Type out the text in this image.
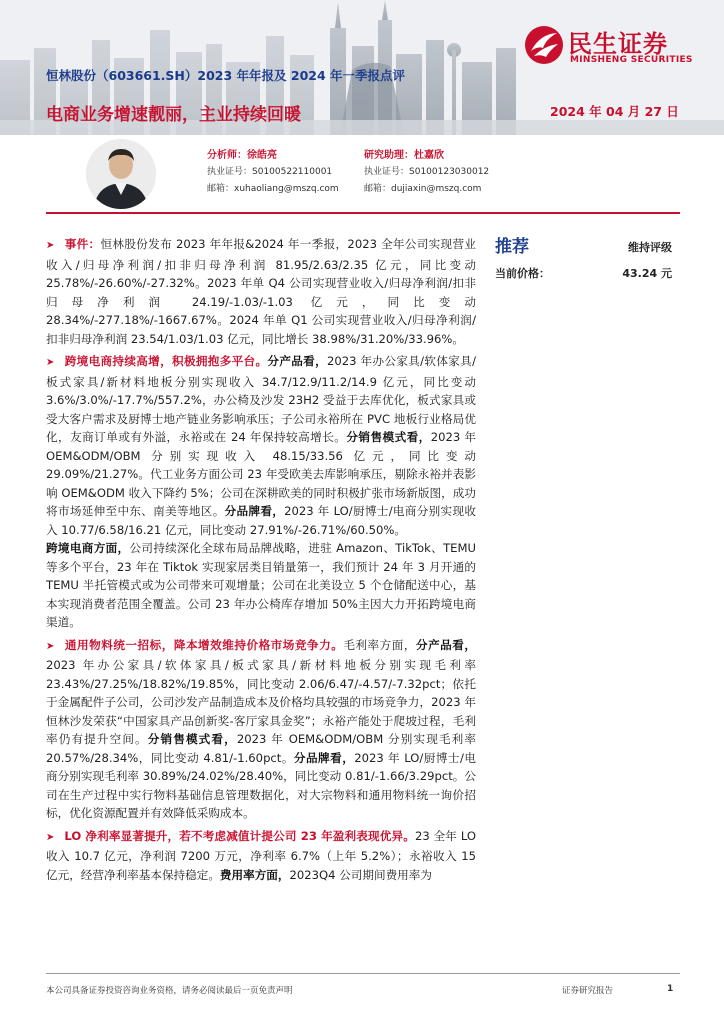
民生证券
MINSHENG SECURITIES
恒林股份（603661.SH）2023 年年报及 2024 年一季报点评
电商业务增速靓丽，主业持续回暖	2024 年 04 月 27 日
分析师：徐皓亮
执业证号：S0100522110001
邮箱：xuhaoliang@mszq.com
研究助理：杜嘉欣
执业证号：S0100123030012
邮箱：dujiaxin@mszq.com

➤ 事件：恒林股份发布 2023 年年报&2024 年一季报，2023 全年公司实现营业收入/归母净利润/扣非归母净利润 81.95/2.63/2.35 亿元，同比变动 25.78%/-26.60%/-27.32%。2023 年单 Q4 公司实现营业收入/归母净利润/扣非归母净利润 24.19/-1.03/-1.03 亿元，同比变动 28.34%/-277.18%/-1667.67%。2024 年单 Q1 公司实现营业收入/归母净利润/扣非归母净利润 23.54/1.03/1.03 亿元，同比增长 38.98%/31.20%/33.96%。

➤ 跨境电商持续高增，积极拥抱多平台。分产品看，2023 年办公家具/软体家具/板式家具/新材料地板分别实现收入 34.7/12.9/11.2/14.9 亿元，同比变动 3.6%/3.0%/-17.7%/557.2%，办公椅及沙发 23H2 受益于去库优化，板式家具或受大客户需求及厨博士地产链业务影响承压；子公司永裕所在 PVC 地板行业格局优化，友商订单或有外溢，永裕或在 24 年保持较高增长。分销售模式看，2023 年 OEM&ODM/OBM 分别实现收入 48.15/33.56 亿元，同比变动 29.09%/21.27%。代工业务方面公司 23 年受欧美去库影响承压，剔除永裕并表影响 OEM&ODM 收入下降约 5%；公司在深耕欧美的同时积极扩张市场新版图，成功将市场延伸至中东、南美等地区。分品牌看，2023 年 LO/厨博士/电商分别实现收入 10.77/6.58/16.21 亿元，同比变动 27.91%/-26.71%/60.50%。
跨境电商方面，公司持续深化全球布局品牌战略，进驻 Amazon、TikTok、TEMU 等多个平台，23 年在 Tiktok 实现家居类目销量第一，我们预计 24 年 3 月开通的 TEMU 半托管模式或为公司带来可观增量；公司在北美设立 5 个仓储配送中心，基本实现消费者范围全覆盖。公司 23 年办公椅库存增加 50%主因大力开拓跨境电商渠道。

➤ 通用物料统一招标，降本增效维持价格市场竞争力。毛利率方面，分产品看，2023 年办公家具/软体家具/板式家具/新材料地板分别实现毛利率 23.43%/27.25%/18.82%/19.85%，同比变动 2.06/6.47/-4.57/-7.32pct；依托于金属配件子公司，公司沙发产品制造成本及价格均具较强的市场竞争力，2023 年恒林沙发荣获“中国家具产品创新奖-客厅家具金奖”；永裕产能处于爬坡过程，毛利率仍有提升空间。分销售模式看，2023 年 OEM&ODM/OBM 分别实现毛利率 20.57%/28.34%，同比变动 4.81/-1.60pct。分品牌看，2023 年 LO/厨博士/电商分别实现毛利率 30.89%/24.02%/28.40%，同比变动 0.81/-1.66/3.29pct。公司在生产过程中实行物料基础信息管理数据化，对大宗物料和通用物料统一询价招标，优化资源配置并有效降低采购成本。

➤ LO 净利率显著提升，若不考虑减值计提公司 23 年盈利表现优异。23 全年 LO 收入 10.7 亿元，净利润 7200 万元，净利率 6.7%（上年 5.2%）；永裕收入 15 亿元，经营净利率基本保持稳定。费用率方面，2023Q4 公司期间费用率为

推荐	维持评级
当前价格：	43.24 元
本公司具备证券投资咨询业务资格，请务必阅读最后一页免责声明	证券研究报告	1
